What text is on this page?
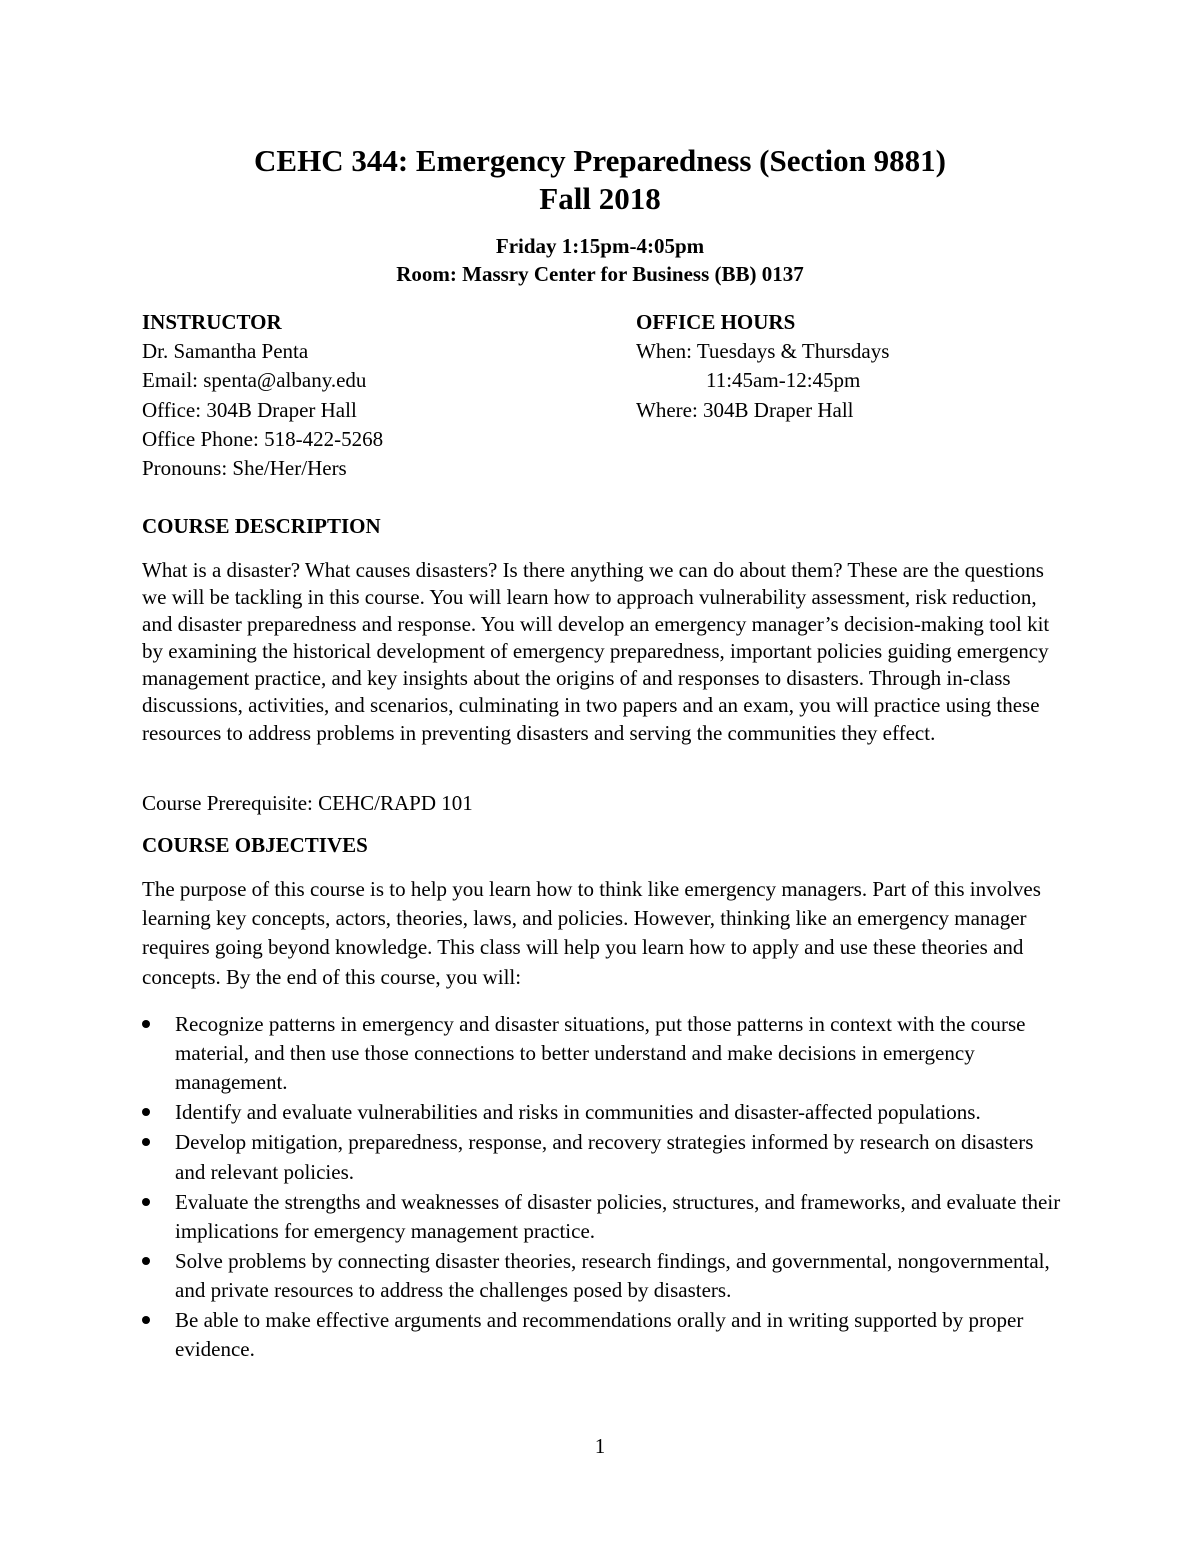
CEHC 344: Emergency Preparedness (Section 9881)

Fall 2018

Friday 1:15pm-4:05pm

Room: Massry Center for Business (BB) 0137

INSTRUCTOR

Dr. Samantha Penta

Email: spenta@albany.edu

Office: 304B Draper Hall

Office Phone: 518-422-5268

Pronouns: She/Her/Hers

OFFICE HOURS

When: Tuesdays & Thursdays

11:45am-12:45pm

Where: 304B Draper Hall

COURSE DESCRIPTION

What is a disaster? What causes disasters? Is there anything we can do about them? These are the questions we will be tackling in this course. You will learn how to approach vulnerability assessment, risk reduction, and disaster preparedness and response. You will develop an emergency manager’s decision-making tool kit by examining the historical development of emergency preparedness, important policies guiding emergency management practice, and key insights about the origins of and responses to disasters. Through in-class discussions, activities, and scenarios, culminating in two papers and an exam, you will practice using these resources to address problems in preventing disasters and serving the communities they effect.

Course Prerequisite: CEHC/RAPD 101

COURSE OBJECTIVES

The purpose of this course is to help you learn how to think like emergency managers. Part of this involves learning key concepts, actors, theories, laws, and policies. However, thinking like an emergency manager requires going beyond knowledge. This class will help you learn how to apply and use these theories and concepts. By the end of this course, you will:

Recognize patterns in emergency and disaster situations, put those patterns in context with the course material, and then use those connections to better understand and make decisions in emergency management.
Identify and evaluate vulnerabilities and risks in communities and disaster-affected populations.
Develop mitigation, preparedness, response, and recovery strategies informed by research on disasters and relevant policies.
Evaluate the strengths and weaknesses of disaster policies, structures, and frameworks, and evaluate their implications for emergency management practice.
Solve problems by connecting disaster theories, research findings, and governmental, nongovernmental, and private resources to address the challenges posed by disasters.
Be able to make effective arguments and recommendations orally and in writing supported by proper evidence.
1
